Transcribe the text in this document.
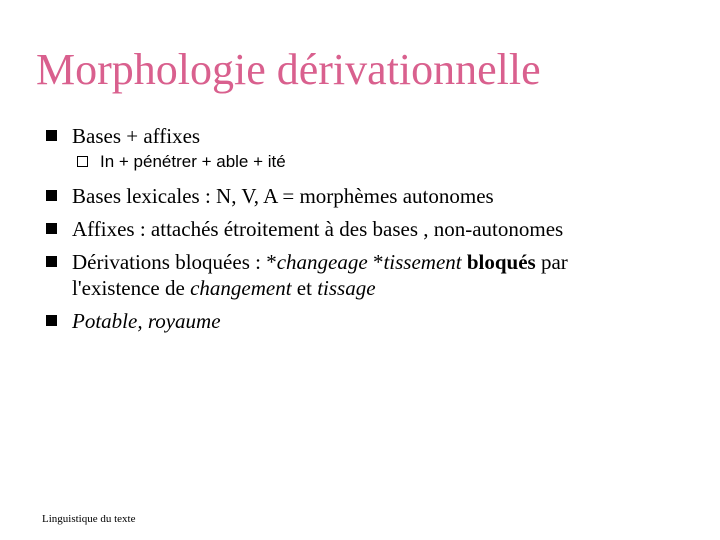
Morphologie dérivationnelle
Bases + affixes
In + pénétrer + able + ité
Bases lexicales : N, V, A = morphèmes autonomes
Affixes : attachés étroitement à des bases , non-autonomes
Dérivations bloquées : *changeage *tissement bloqués par
l'existence de changement et tissage
Potable, royaume
Linguistique du texte
